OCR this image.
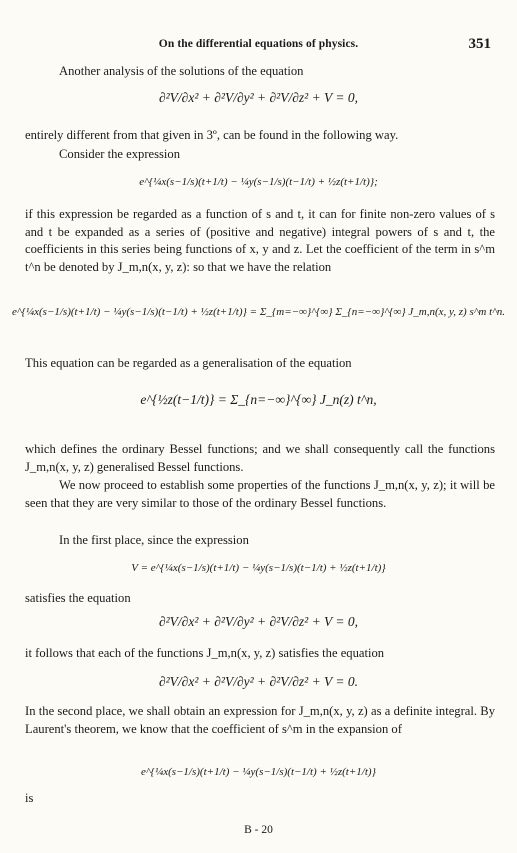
On the differential equations of physics.	351
Another analysis of the solutions of the equation
∂²V/∂x² + ∂²V/∂y² + ∂²V/∂z² + V = 0,
entirely different from that given in 3º, can be found in the following way.
Consider the expression
e^{¼x(s−1/s)(t+1/t) − ¼y(s−1/s)(t−1/t) + ½z(t+1/t)};
if this expression be regarded as a function of s and t, it can for finite non-zero values of s and t be expanded as a series of (positive and negative) integral powers of s and t, the coefficients in this series being functions of x, y and z. Let the coefficient of the term in s^m t^n be denoted by J_m,n(x, y, z): so that we have the relation
e^{¼x(s−1/s)(t+1/t) − ¼y(s−1/s)(t−1/t) + ½z(t+1/t)} = Σ_{m=−∞}^{∞} Σ_{n=−∞}^{∞} J_m,n(x, y, z) s^m t^n.
This equation can be regarded as a generalisation of the equation
e^{½z(t−1/t)} = Σ_{n=−∞}^{∞} J_n(z) t^n,
which defines the ordinary Bessel functions; and we shall consequently call the functions J_m,n(x, y, z) generalised Bessel functions.
We now proceed to establish some properties of the functions J_m,n(x, y, z); it will be seen that they are very similar to those of the ordinary Bessel functions.
In the first place, since the expression
V = e^{¼x(s−1/s)(t+1/t) − ¼y(s−1/s)(t−1/t) + ½z(t+1/t)}
satisfies the equation
∂²V/∂x² + ∂²V/∂y² + ∂²V/∂z² + V = 0,
it follows that each of the functions J_m,n(x, y, z) satisfies the equation
∂²V/∂x² + ∂²V/∂y² + ∂²V/∂z² + V = 0.
In the second place, we shall obtain an expression for J_m,n(x, y, z) as a definite integral. By Laurent's theorem, we know that the coefficient of s^m in the expansion of
e^{¼x(s−1/s)(t+1/t) − ¼y(s−1/s)(t−1/t) + ½z(t+1/t)}
is
B - 20
